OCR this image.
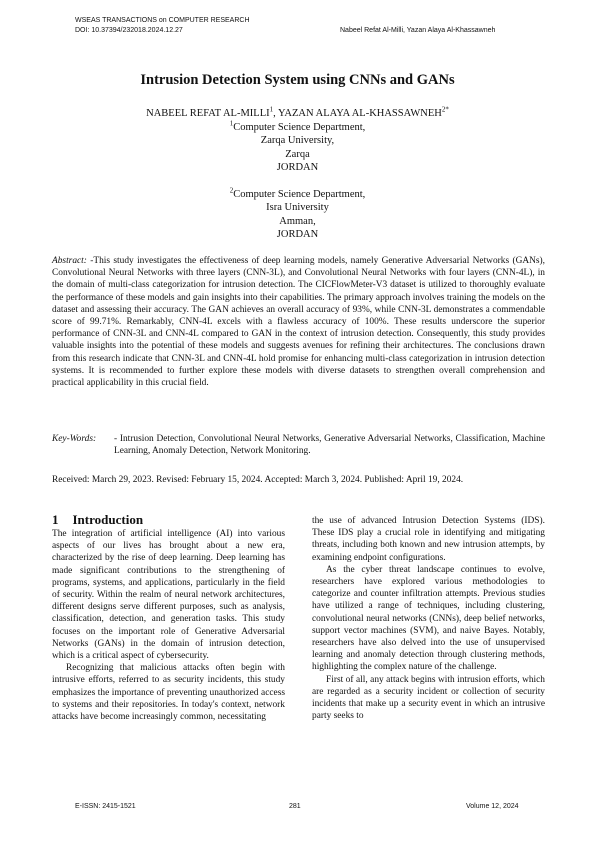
WSEAS TRANSACTIONS on COMPUTER RESEARCH
DOI: 10.37394/232018.2024.12.27	Nabeel Refat Al-Milli, Yazan Alaya Al-Khassawneh
Intrusion Detection System using CNNs and GANs
NABEEL REFAT AL-MILLI$^1$, YAZAN ALAYA $AL-KHASSAWNEH^{2*}$
$^1$Computer Science Department,
Zarqa University,
Zarqa
JORDAN
$^2$Computer Science Department,
Isra University
Amman,
JORDAN
Abstract: -This study investigates the effectiveness of deep learning models, namely Generative Adversarial Networks (GANs), Convolutional Neural Networks with three layers (CNN-3L), and Convolutional Neural Networks with four layers (CNN-4L), in the domain of multi-class categorization for intrusion detection. The CICFlowMeter-V3 dataset is utilized to thoroughly evaluate the performance of these models and gain insights into their capabilities. The primary approach involves training the models on the dataset and assessing their accuracy. The GAN achieves an overall accuracy of 93%, while CNN-3L demonstrates a commendable score of 99.71%. Remarkably, CNN-4L excels with a flawless accuracy of 100%. These results underscore the superior performance of CNN-3L and CNN-4L compared to GAN in the context of intrusion detection. Consequently, this study provides valuable insights into the potential of these models and suggests avenues for refining their architectures. The conclusions drawn from this research indicate that CNN-3L and CNN-4L hold promise for enhancing multi-class categorization in intrusion detection systems. It is recommended to further explore these models with diverse datasets to strengthen overall comprehension and practical applicability in this crucial field.
Key-Words:	- Intrusion Detection, Convolutional Neural Networks, Generative Adversarial Networks, Classification, Machine Learning, Anomaly Detection, Network Monitoring.
Received: March 29, 2023. Revised: February 15, 2024. Accepted: March 3, 2024. Published: April 19, 2024.
1 Introduction

The integration of artificial intelligence (AI) into various aspects of our lives has brought about a new era, characterized by the rise of deep learning. Deep learning has made significant contributions to the strengthening of programs, systems, and applications, particularly in the field of security. Within the realm of neural network architectures, different designs serve different purposes, such as analysis, classification, detection, and generation tasks. This study focuses on the important role of Generative Adversarial Networks (GANs) in the domain of intrusion detection, which is a critical aspect of cybersecurity.

Recognizing that malicious attacks often begin with intrusive efforts, referred to as security incidents, this study emphasizes the importance of preventing unauthorized access to systems and their repositories. In today's context, network attacks have become increasingly common, necessitating

the use of advanced Intrusion Detection Systems (IDS). These IDS play a crucial role in identifying and mitigating threats, including both known and new intrusion attempts, by examining endpoint configurations.

As the cyber threat landscape continues to evolve, researchers have explored various methodologies to categorize and counter infiltration attempts. Previous studies have utilized a range of techniques, including clustering, convolutional neural networks (CNNs), deep belief networks, support vector machines (SVM), and naive Bayes. Notably, researchers have also delved into the use of unsupervised learning and anomaly detection through clustering methods, highlighting the complex nature of the challenge.

First of all, any attack begins with intrusion efforts, which are regarded as a security incident or collection of security incidents that make up a security event in which an intrusive party seeks to

E-ISSN: 2415-1521	281	Volume 12, 2024
